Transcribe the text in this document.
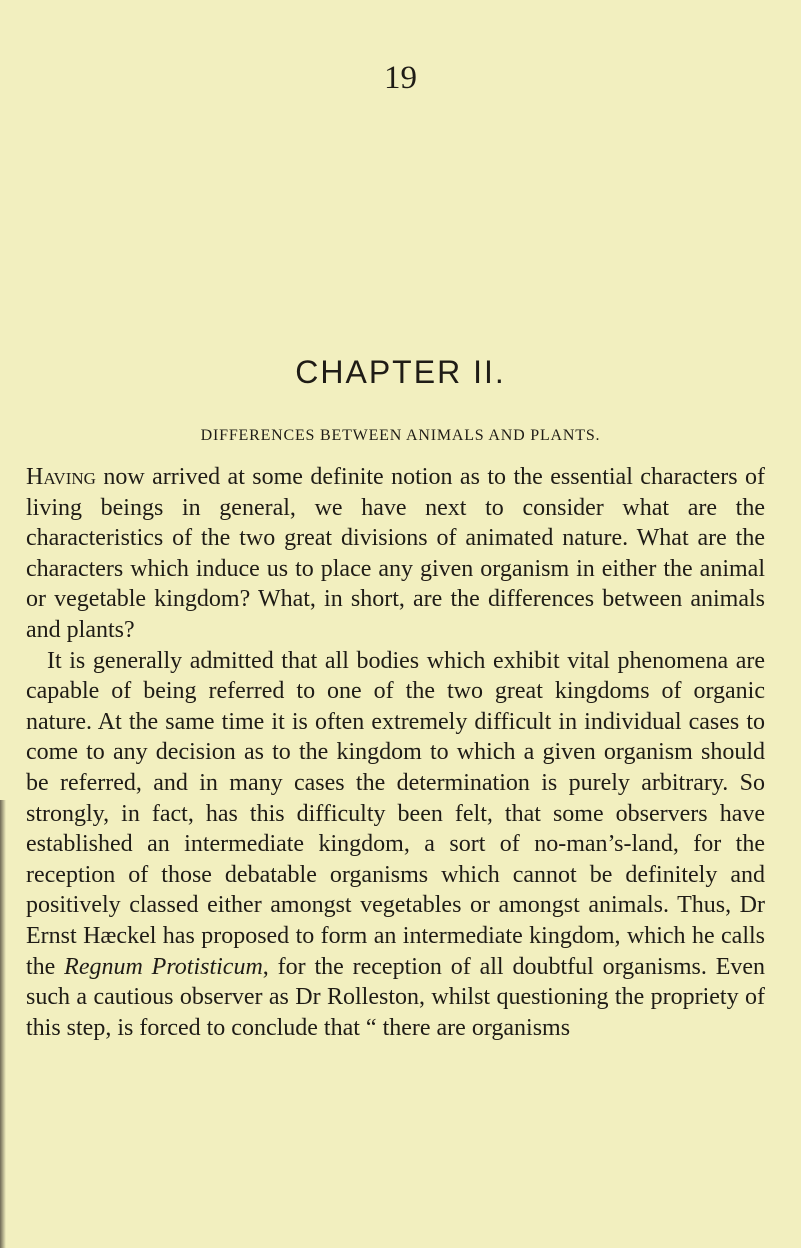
19
CHAPTER II.
DIFFERENCES BETWEEN ANIMALS AND PLANTS.

Having now arrived at some definite notion as to the essential characters of living beings in general, we have next to consider what are the characteristics of the two great divisions of animated nature. What are the characters which induce us to place any given organism in either the animal or vegetable kingdom? What, in short, are the differences between animals and plants?

It is generally admitted that all bodies which exhibit vital phenomena are capable of being referred to one of the two great kingdoms of organic nature. At the same time it is often extremely difficult in individual cases to come to any decision as to the kingdom to which a given organism should be referred, and in many cases the determination is purely arbitrary. So strongly, in fact, has this difficulty been felt, that some observers have established an intermediate kingdom, a sort of no-man’s-land, for the reception of those debatable organisms which cannot be definitely and positively classed either amongst vegetables or amongst animals. Thus, Dr Ernst Hæckel has proposed to form an intermediate kingdom, which he calls the Regnum Protisticum, for the reception of all doubtful organisms. Even such a cautious observer as Dr Rolleston, whilst questioning the propriety of this step, is forced to conclude that “ there are organisms
